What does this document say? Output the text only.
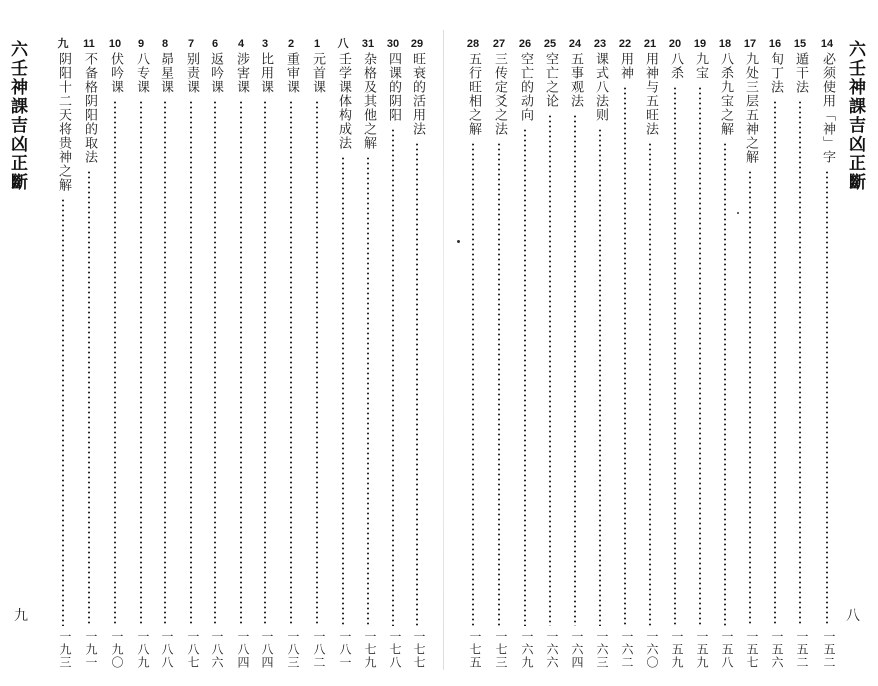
六壬神課吉凶正斷
九
九
阴阳十二天将贵神之解
一九三
11
不备格阴阳的取法
一九一
10
伏吟课
一九〇
9
八专课
一八九
8
昴星课
一八八
7
别责课
一八七
6
返吟课
一八六
4
涉害课
一八四
3
比用课
一八四
2
重审课
一八三
1
元首课
一八二
八
壬学课体构成法
一八一
31
杂格及其他之解
一七九
30
四课的阴阳
一七八
29
旺衰的活用法
一七七
六壬神課吉凶正斷
八
28
五行旺相之解
一七五
27
三传定爻之法
一七三
26
空亡的动向
一六九
25
空亡之论
一六六
24
五事观法
一六四
23
课式八法则
一六三
22
用神
一六二
21
用神与五旺法
一六〇
20
八杀
一五九
19
九宝
一五九
18
八杀九宝之解
一五八
17
九处三层五神之解
一五七
16
旬丁法
一五六
15
遁干法
一五二
14
必须使用「神」字
一五二
